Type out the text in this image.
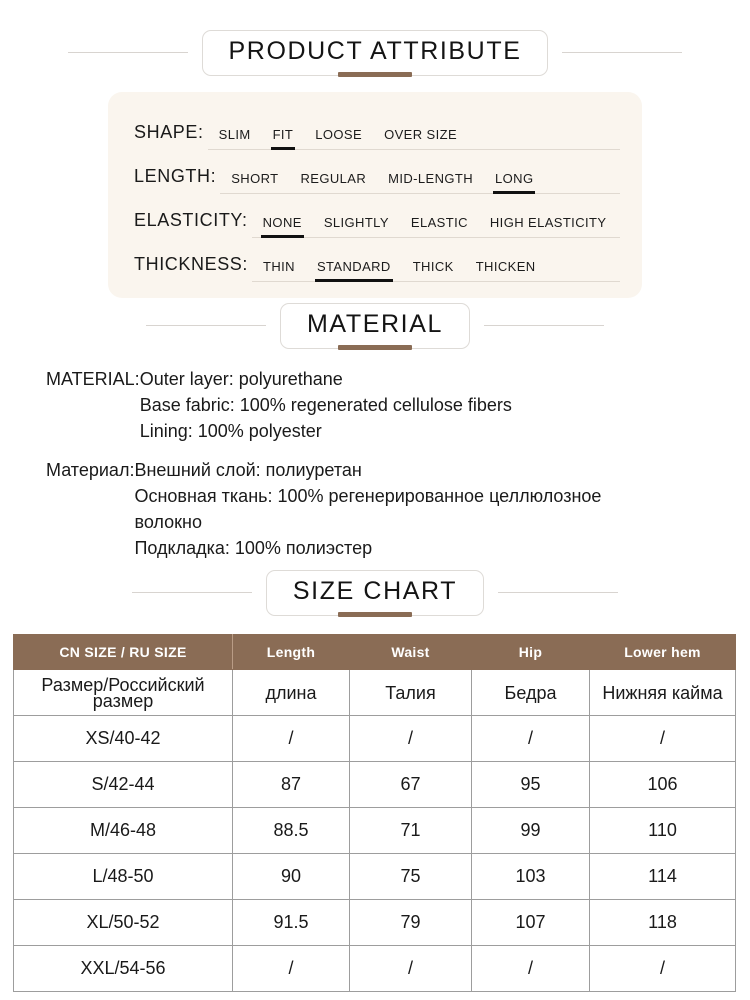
PRODUCT ATTRIBUTE
SHAPE:	SLIM	FIT	LOOSE	OVER SIZE
LENGTH:	SHORT	REGULAR	MID-LENGTH	LONG
ELASTICITY:	NONE	SLIGHTLY	ELASTIC	HIGH ELASTICITY
THICKNESS:	THIN	STANDARD	THICK	THICKEN
MATERIAL
MATERIAL: Outer layer: polyurethane
Base fabric: 100% regenerated cellulose fibers
Lining: 100% polyester
Материал: Внешний слой: полиуретан
Основная ткань: 100% регенерированное целлюлозное
волокно
Подкладка: 100% полиэстер
SIZE CHART
CN SIZE / RU SIZE	Length	Waist	Hip	Lower hem
Размер/Российский размер	длина	Талия	Бедра	Нижняя кайма
XS/40-42	/	/	/	/
S/42-44	87	67	95	106
M/46-48	88.5	71	99	110
L/48-50	90	75	103	114
XL/50-52	91.5	79	107	118
XXL/54-56	/	/	/	/
